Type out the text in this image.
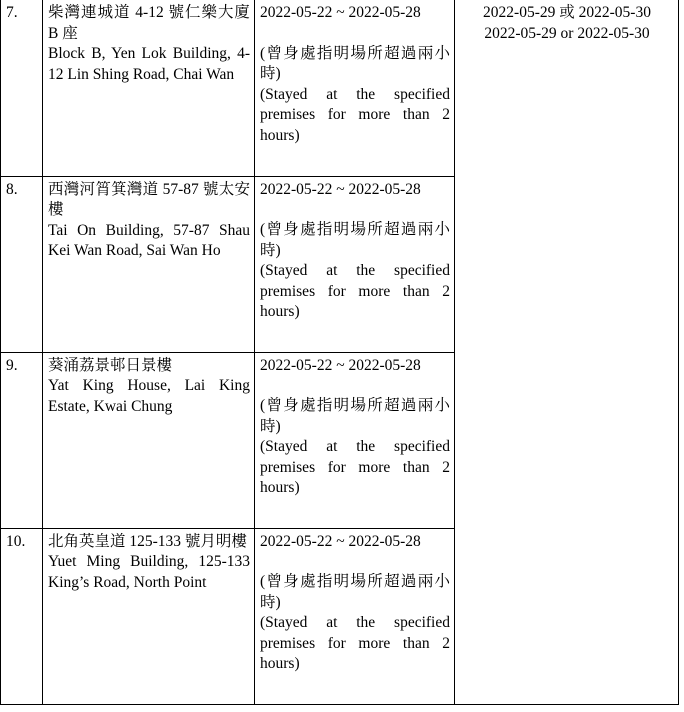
7.	柴灣連城道 4-12 號仁樂大廈 B 座
Block B, Yen Lok Building, 4-12 Lin Shing Road, Chai Wan	2022-05-22 ~ 2022-05-28
(曾身處指明場所超過兩小時)
(Stayed at the specified premises for more than 2 hours)	2022-05-29 或 2022-05-30
2022-05-29 or 2022-05-30

8.	西灣河筲箕灣道 57-87 號太安樓
Tai On Building, 57-87 Shau Kei Wan Road, Sai Wan Ho	2022-05-22 ~ 2022-05-28
(曾身處指明場所超過兩小時)
(Stayed at the specified premises for more than 2 hours)	

9.	葵涌荔景邨日景樓
Yat King House, Lai King Estate, Kwai Chung	2022-05-22 ~ 2022-05-28
(曾身處指明場所超過兩小時)
(Stayed at the specified premises for more than 2 hours)	

10.	北角英皇道 125-133 號月明樓
Yuet Ming Building, 125-133 King’s Road, North Point	2022-05-22 ~ 2022-05-28
(曾身處指明場所超過兩小時)
(Stayed at the specified premises for more than 2 hours)	
